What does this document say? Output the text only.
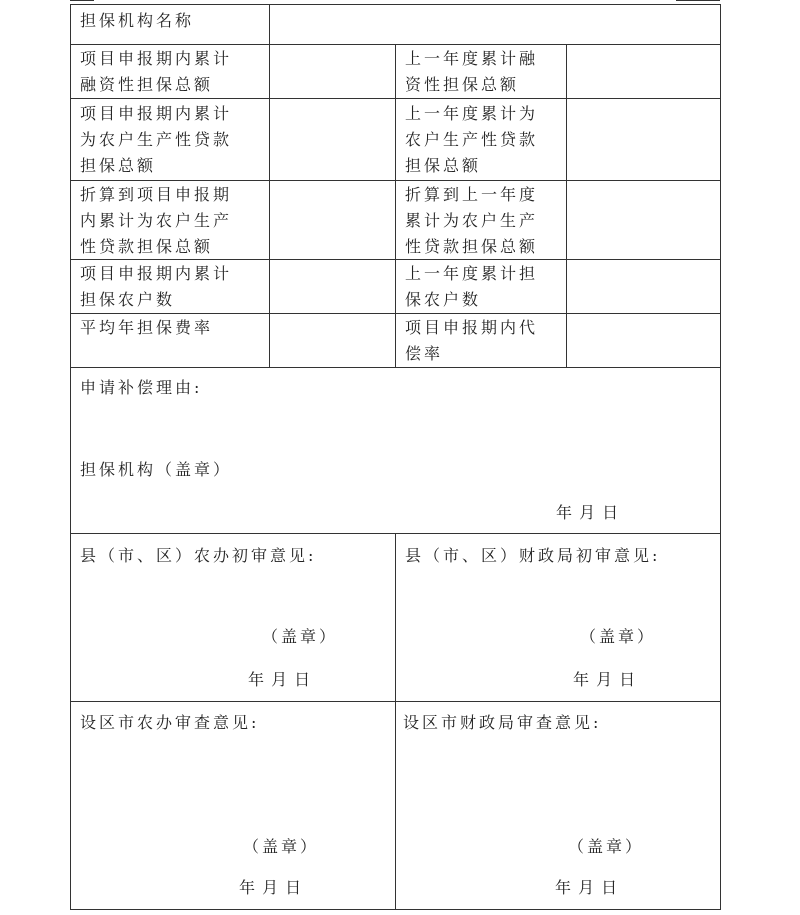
担保机构名称
项目申报期内累计
融资性担保总额
上一年度累计融
资性担保总额
项目申报期内累计
为农户生产性贷款
担保总额
上一年度累计为
农户生产性贷款
担保总额
折算到项目申报期
内累计为农户生产
性贷款担保总额
折算到上一年度
累计为农户生产
性贷款担保总额
项目申报期内累计
担保农户数
上一年度累计担
保农户数
平均年担保费率	项目申报期内代
偿率
申请补偿理由:
担保机构（盖章）
年 月 日
县（市、区）农办初审意见:
（盖章）
年 月 日
县（市、区）财政局初审意见:
（盖章）
年 月 日
设区市农办审查意见:
（盖章）
年 月 日
设区市财政局审查意见:
（盖章）
年 月 日
